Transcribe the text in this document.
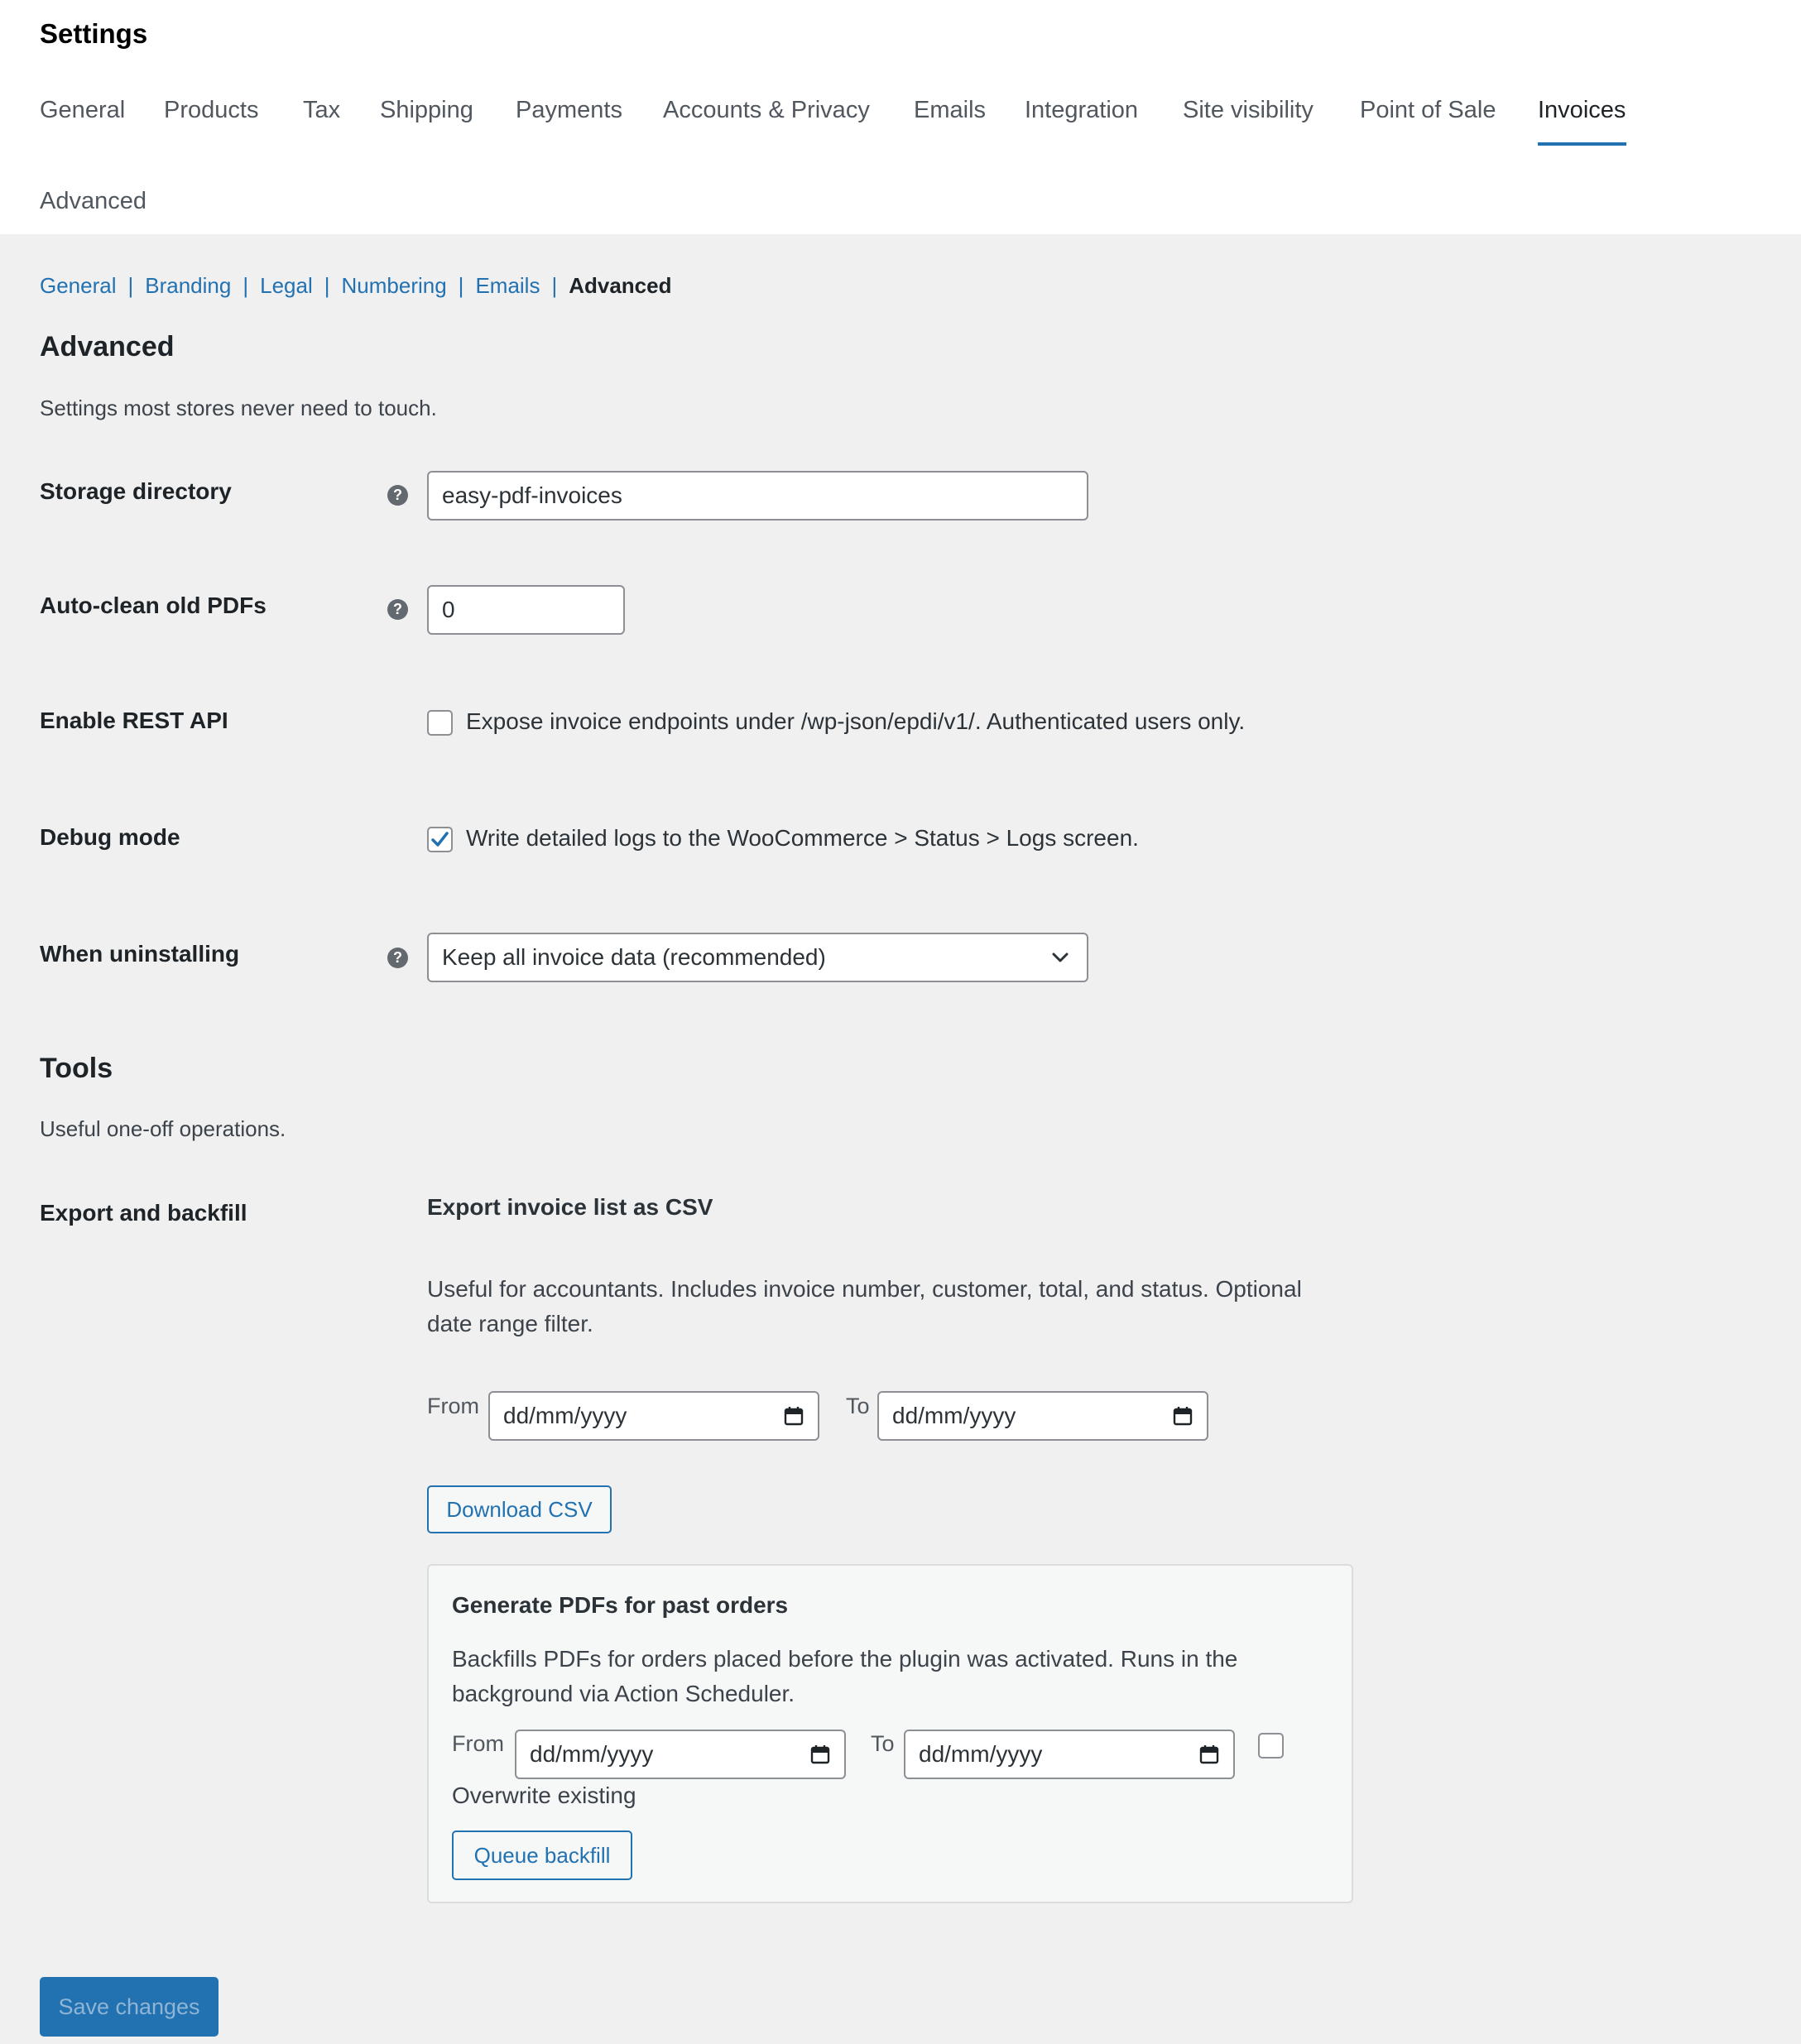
Settings
General Products Tax Shipping Payments Accounts & Privacy Emails Integration Site visibility Point of Sale Invoices
Advanced
General | Branding | Legal | Numbering | Emails | Advanced
Advanced
Settings most stores never need to touch.
Storage directory	?	easy-pdf-invoices
Auto-clean old PDFs	?	0
Enable REST API	Expose invoice endpoints under /wp-json/epdi/v1/. Authenticated users only.
Debug mode	Write detailed logs to the WooCommerce > Status > Logs screen.
When uninstalling	?	Keep all invoice data (recommended)
Tools
Useful one-off operations.
Export and backfill	Export invoice list as CSV
Useful for accountants. Includes invoice number, customer, total, and status. Optional date range filter.
From dd/mm/yyyy	To dd/mm/yyyy
Download CSV
Generate PDFs for past orders
Backfills PDFs for orders placed before the plugin was activated. Runs in the background via Action Scheduler.
From dd/mm/yyyy	To dd/mm/yyyy
Overwrite existing
Queue backfill
Save changes
